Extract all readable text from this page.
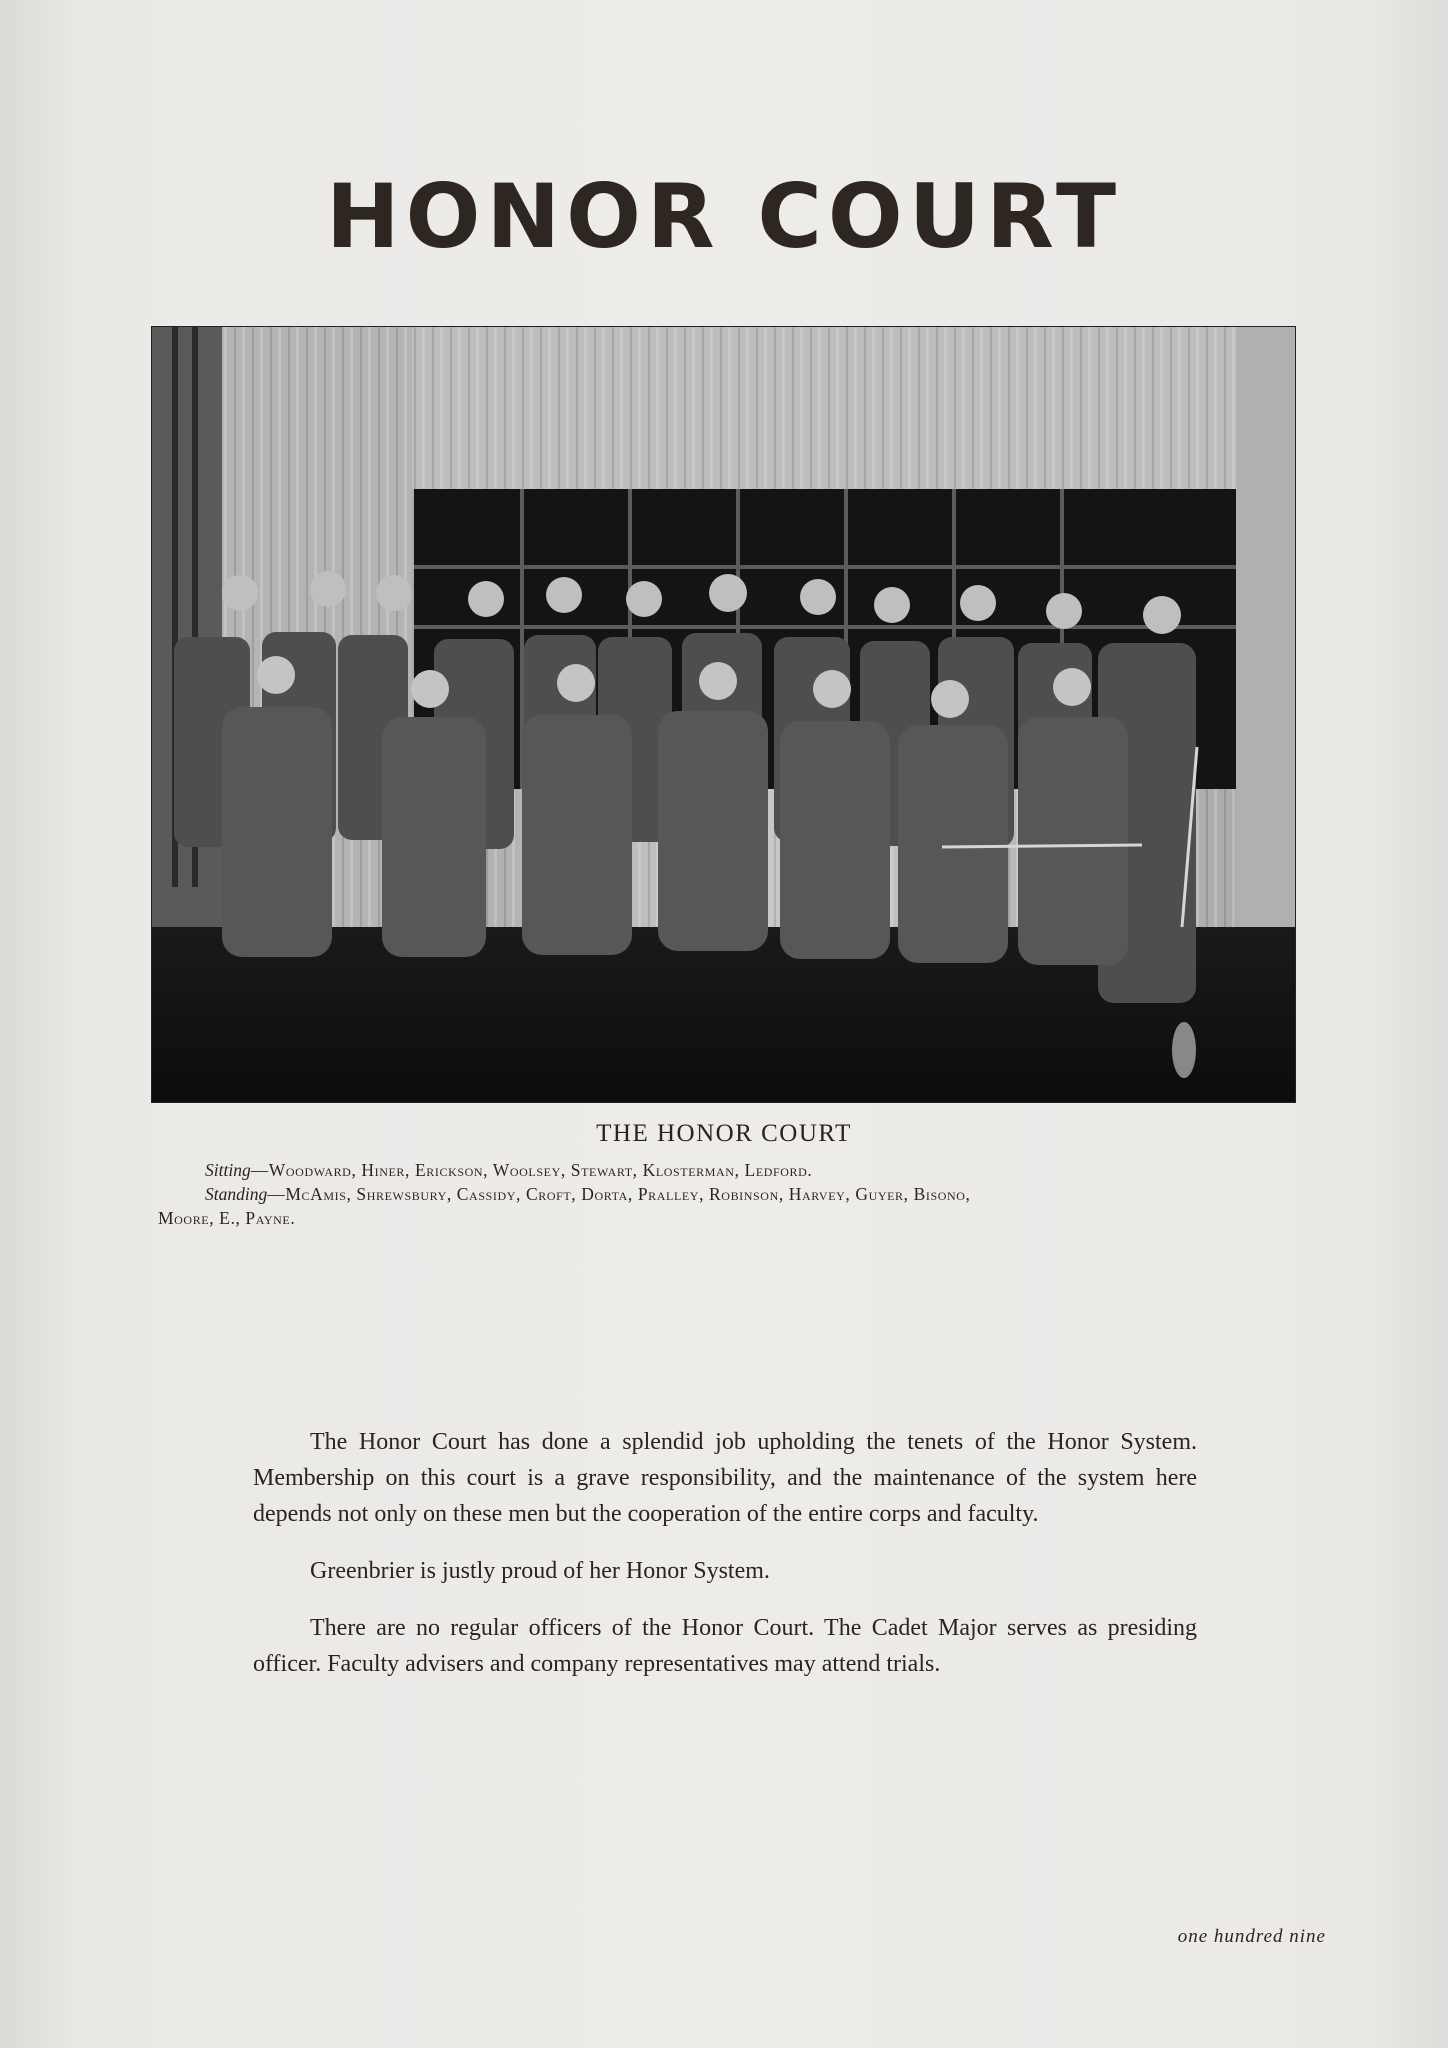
HONOR COURT
THE HONOR COURT
Sitting—Woodward, Hiner, Erickson, Woolsey, Stewart, Klosterman, Ledford.
Standing—McAmis, Shrewsbury, Cassidy, Croft, Dorta, Pralley, Robinson, Harvey, Guyer, Bisono,
Moore, E., Payne.

The Honor Court has done a splendid job upholding the tenets of the Honor System. Membership on this court is a grave responsibility, and the maintenance of the system here depends not only on these men but the cooperation of the entire corps and faculty.

Greenbrier is justly proud of her Honor System.

There are no regular officers of the Honor Court. The Cadet Major serves as presiding officer. Faculty advisers and company representatives may attend trials.

one hundred nine
